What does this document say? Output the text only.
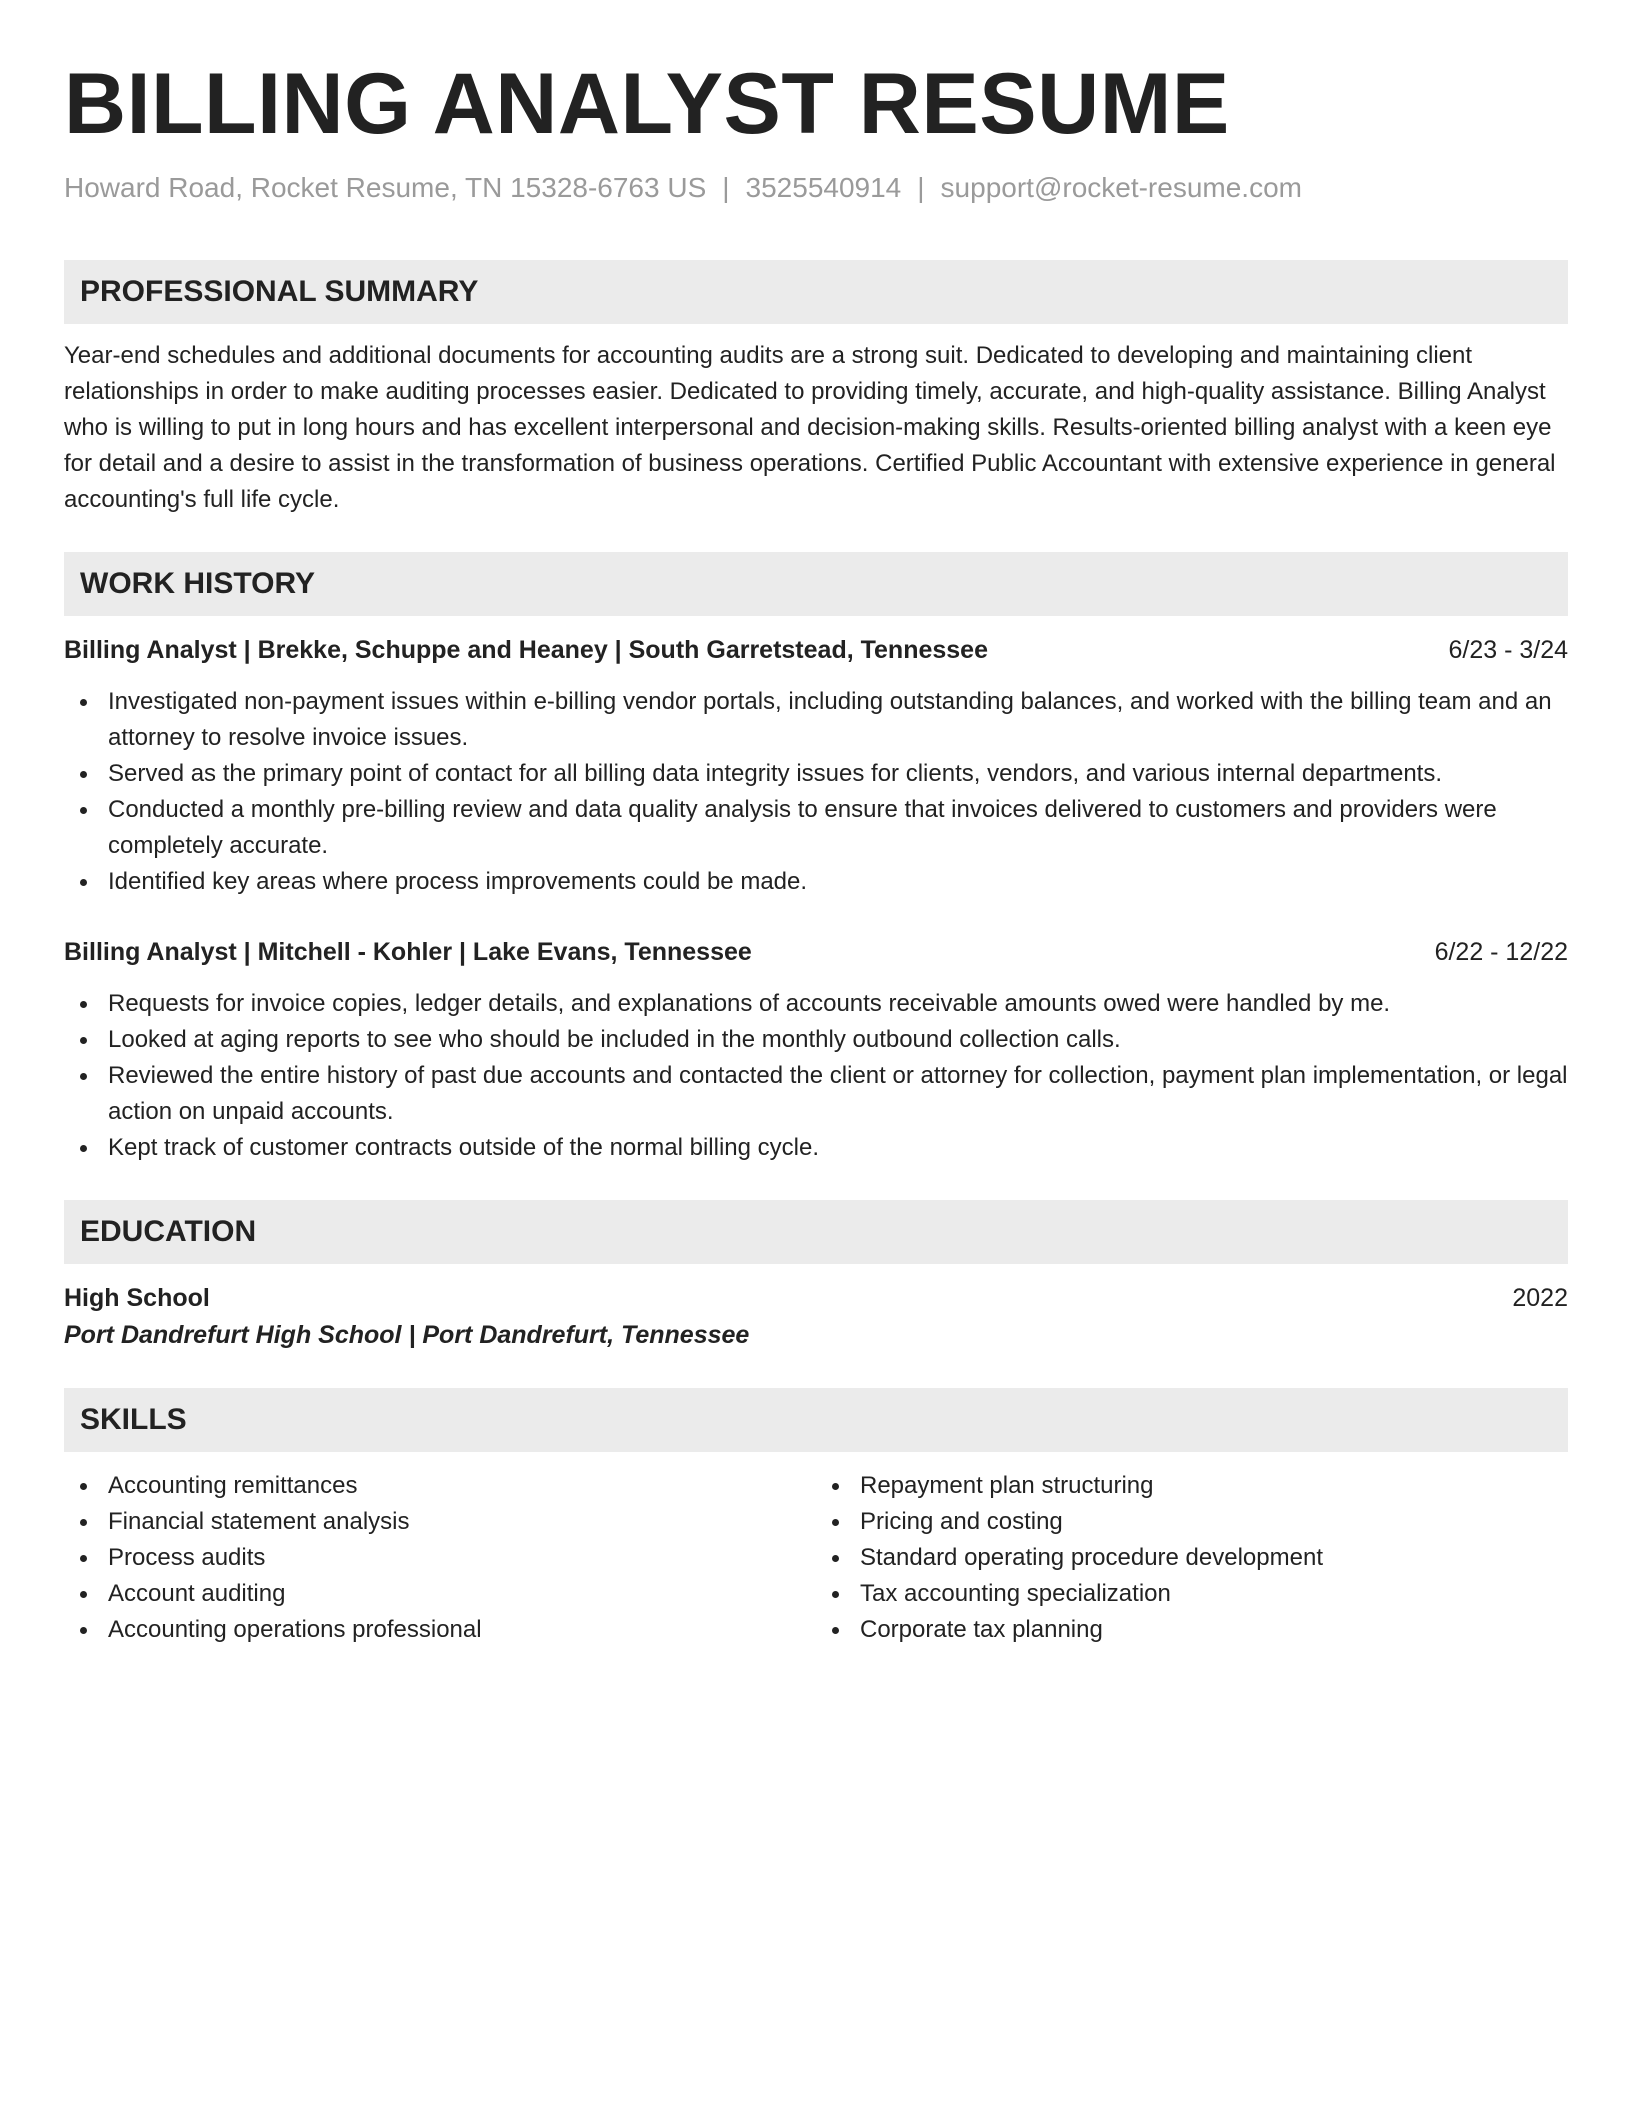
BILLING ANALYST RESUME
Howard Road, Rocket Resume, TN 15328-6763 US | 3525540914 | support@rocket-resume.com
PROFESSIONAL SUMMARY

Year-end schedules and additional documents for accounting audits are a strong suit. Dedicated to developing and maintaining client relationships in order to make auditing processes easier. Dedicated to providing timely, accurate, and high-quality assistance. Billing Analyst who is willing to put in long hours and has excellent interpersonal and decision-making skills. Results-oriented billing analyst with a keen eye for detail and a desire to assist in the transformation of business operations. Certified Public Accountant with extensive experience in general accounting's full life cycle.

WORK HISTORY
Billing Analyst | Brekke, Schuppe and Heaney | South Garretstead, Tennessee	6/23 - 3/24
Investigated non-payment issues within e-billing vendor portals, including outstanding balances, and worked with the billing team and an attorney to resolve invoice issues.
Served as the primary point of contact for all billing data integrity issues for clients, vendors, and various internal departments.
Conducted a monthly pre-billing review and data quality analysis to ensure that invoices delivered to customers and providers were completely accurate.
Identified key areas where process improvements could be made.
Billing Analyst | Mitchell - Kohler | Lake Evans, Tennessee	6/22 - 12/22
Requests for invoice copies, ledger details, and explanations of accounts receivable amounts owed were handled by me.
Looked at aging reports to see who should be included in the monthly outbound collection calls.
Reviewed the entire history of past due accounts and contacted the client or attorney for collection, payment plan implementation, or legal action on unpaid accounts.
Kept track of customer contracts outside of the normal billing cycle.
EDUCATION
High School	2022
Port Dandrefurt High School | Port Dandrefurt, Tennessee
SKILLS
Accounting remittances
Financial statement analysis
Process audits
Account auditing
Accounting operations professional
Repayment plan structuring
Pricing and costing
Standard operating procedure development
Tax accounting specialization
Corporate tax planning
